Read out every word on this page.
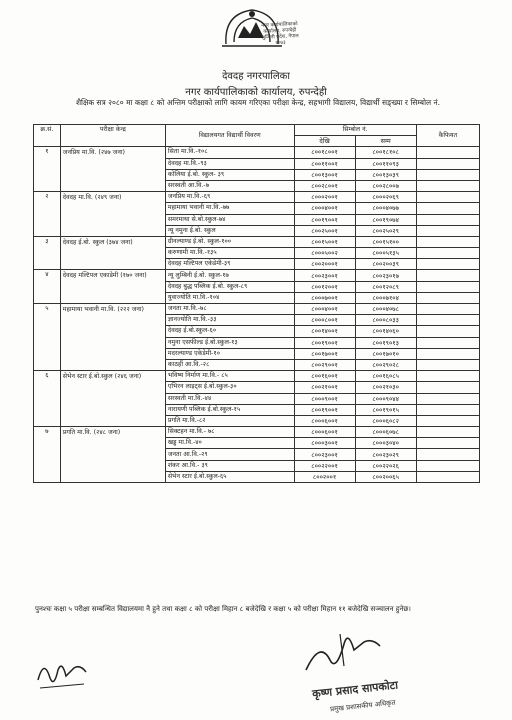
नगर कार्यपालिकाको
कार्यालय, रुपन्देही
लुम्बिनी प्रदेश, नेपाल
२०७३
देवदह नगरपालिका
नगर कार्यपालिकाको कार्यालय, रुपन्देही
शैक्षिक सत्र २०८० मा कक्षा ८ को अन्तिम परीक्षाको लागि कायम गरिएका परीक्षा केन्द्र, सहभागी विद्यालय, विद्यार्थी सङ्ख्या र सिम्बोल नं.
क्र.सं.	परीक्षा केन्द्र	विद्यालयगत विद्यार्थी विवरण	सिम्बोल नं.		कैफियत
			देखि	सम्म	
१	जनप्रिय मा.वि. (२४७ जना)	सिता मा.वि.-१०८	८००१८००१	८००१८१०८	
		देवदह मा.वि.-९३	८००११००१	८००११०९३	
		कोलिया ई.बो. स्कुल- ३९	८००१३००१	८००१३०३९	
		सरस्वती आ.वि.-७	८००२८००१	८००२८००७	
२	देवदह मा.वि. (२४९ जना)	जनप्रिय मा.वि.-६९	८०००२००१	८०००२०६९	
		महामाया भवानी मा.वि.-७७	८०००४००१	८०००४०७७	
		समरमाथा से.बो.स्कुल-७४	८००१९००१	८००१९०७४	
		न्यू नमुना ई.बो. स्कुल	८००२५००१	८००२५०२९	
३	देवदह ई.बो. स्कुल (३७४ जना)	ग्रीनल्याण्ड ई.बो. स्कुल-१००	८००१५००१	८००१५१००	
		करुणामी मा.वि.-१३५	८०००५००२	८०००५१३५	
		देवदह मल्टिपल एकेडेमी-३९	८००२०००१	८००२००३९	
४	देवदह मल्टिपल एकाडेमी (१७० जना)	न्यू लुम्बिनी ई.बो. स्कुल-१७	८००२३००१	८००२३०१७	
		देवदह बुद्ध पब्लिक ई.बो. स्कुल-८९	८००१२००१	८००१२०८९	
		युवाज्योति मा.वि.-१०४	८०००७००१	८०००७१०४	
५	महामाया भवानी मा.वि. (२२२ जना)	जनता मा.वि.-७८	८०००४००१	८०००४०७८	
		ज्ञानज्योति मा.वि.-३३	८०००८००१	८०००८०३३	
		देवदह ई.बो.स्कुल-६०	८००१४००१	८००१४०६०	
		नमुना एसफील्ड ई.बो.स्कुल-१३	८००१९००१	८००१९०१३	
		मदरल्याण्ड एकेडेमी-१०	८००१७००१	८००१७०१०	
		काठहीं आ.वि.-२८	८००२९००१	८००२९०२८	
६	सेभेन स्टार ई.बो.स्कुल (२४६ जना)	भविष्य निर्माण मा.वि.- ८५	८००१६००१	८००१६०८५	
		एभिरन लाइट्स ई.बो.स्कुल-३०	८००२१००१	८००२१०३०	
		सरस्वती मा.वि.-४४	८०००९००१	८०००९०४४	
		नारायणी पब्लिक ई.बो.स्कुल-१५	८००१९००१	८००१९०१५	
		प्रगति मा.वि.-८२	८०००६००१	८०००६०८२	
७	प्रगति मा.वि. (२४८ जना)	सिक्टहन मा.वि.- ७८	८०००६००१	८०००६०७८	
		खड्ड मा.वि.-४०	८०००३००१	८०००३०४०	
		जनता आ.वि.-२९	८००२३००१	८००२३०२९	
		शंकर आ.वि.- ३९	८००२२००१	८००२२०२६	
		सेभेन स्टार ई.बो.स्कुल-६५	८००२००१	८००२००६५	
पुनश्चः कक्षा ५ परीक्षा सम्बन्धित विद्यालयमा नै हुने तथा कक्षा ८ को परीक्षा मिहान ८ बजेदेखि र कक्षा ५ को परीक्षा मिहान ११ बजेदेखि सञ्चालन हुनेछ।
कृष्ण प्रसाद सापकोटा
प्रमुख प्रशासकीय अधिकृत
